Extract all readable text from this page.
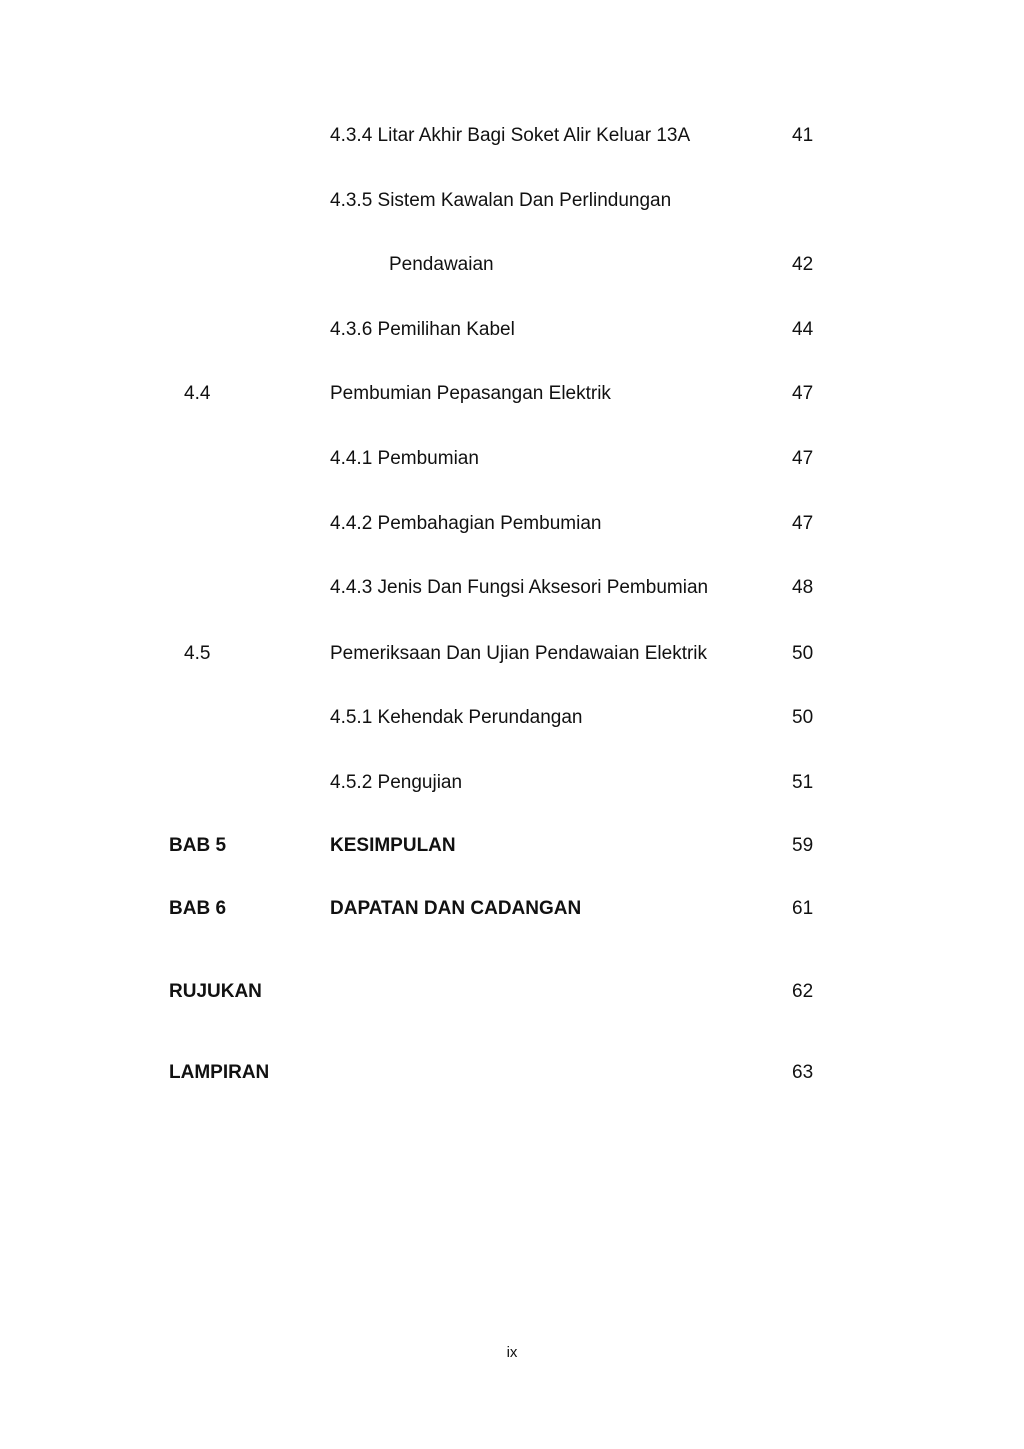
4.3.4 Litar Akhir Bagi Soket Alir Keluar 13A	41
4.3.5 Sistem Kawalan Dan Perlindungan
Pendawaian	42
4.3.6 Pemilihan Kabel	44
4.4	Pembumian Pepasangan Elektrik	47
4.4.1 Pembumian	47
4.4.2 Pembahagian Pembumian	47
4.4.3 Jenis Dan Fungsi Aksesori Pembumian	48
4.5	Pemeriksaan Dan Ujian Pendawaian Elektrik	50
4.5.1 Kehendak Perundangan	50
4.5.2 Pengujian	51
BAB 5	KESIMPULAN	59
BAB 6	DAPATAN DAN CADANGAN	61
RUJUKAN	62
LAMPIRAN	63
ix
